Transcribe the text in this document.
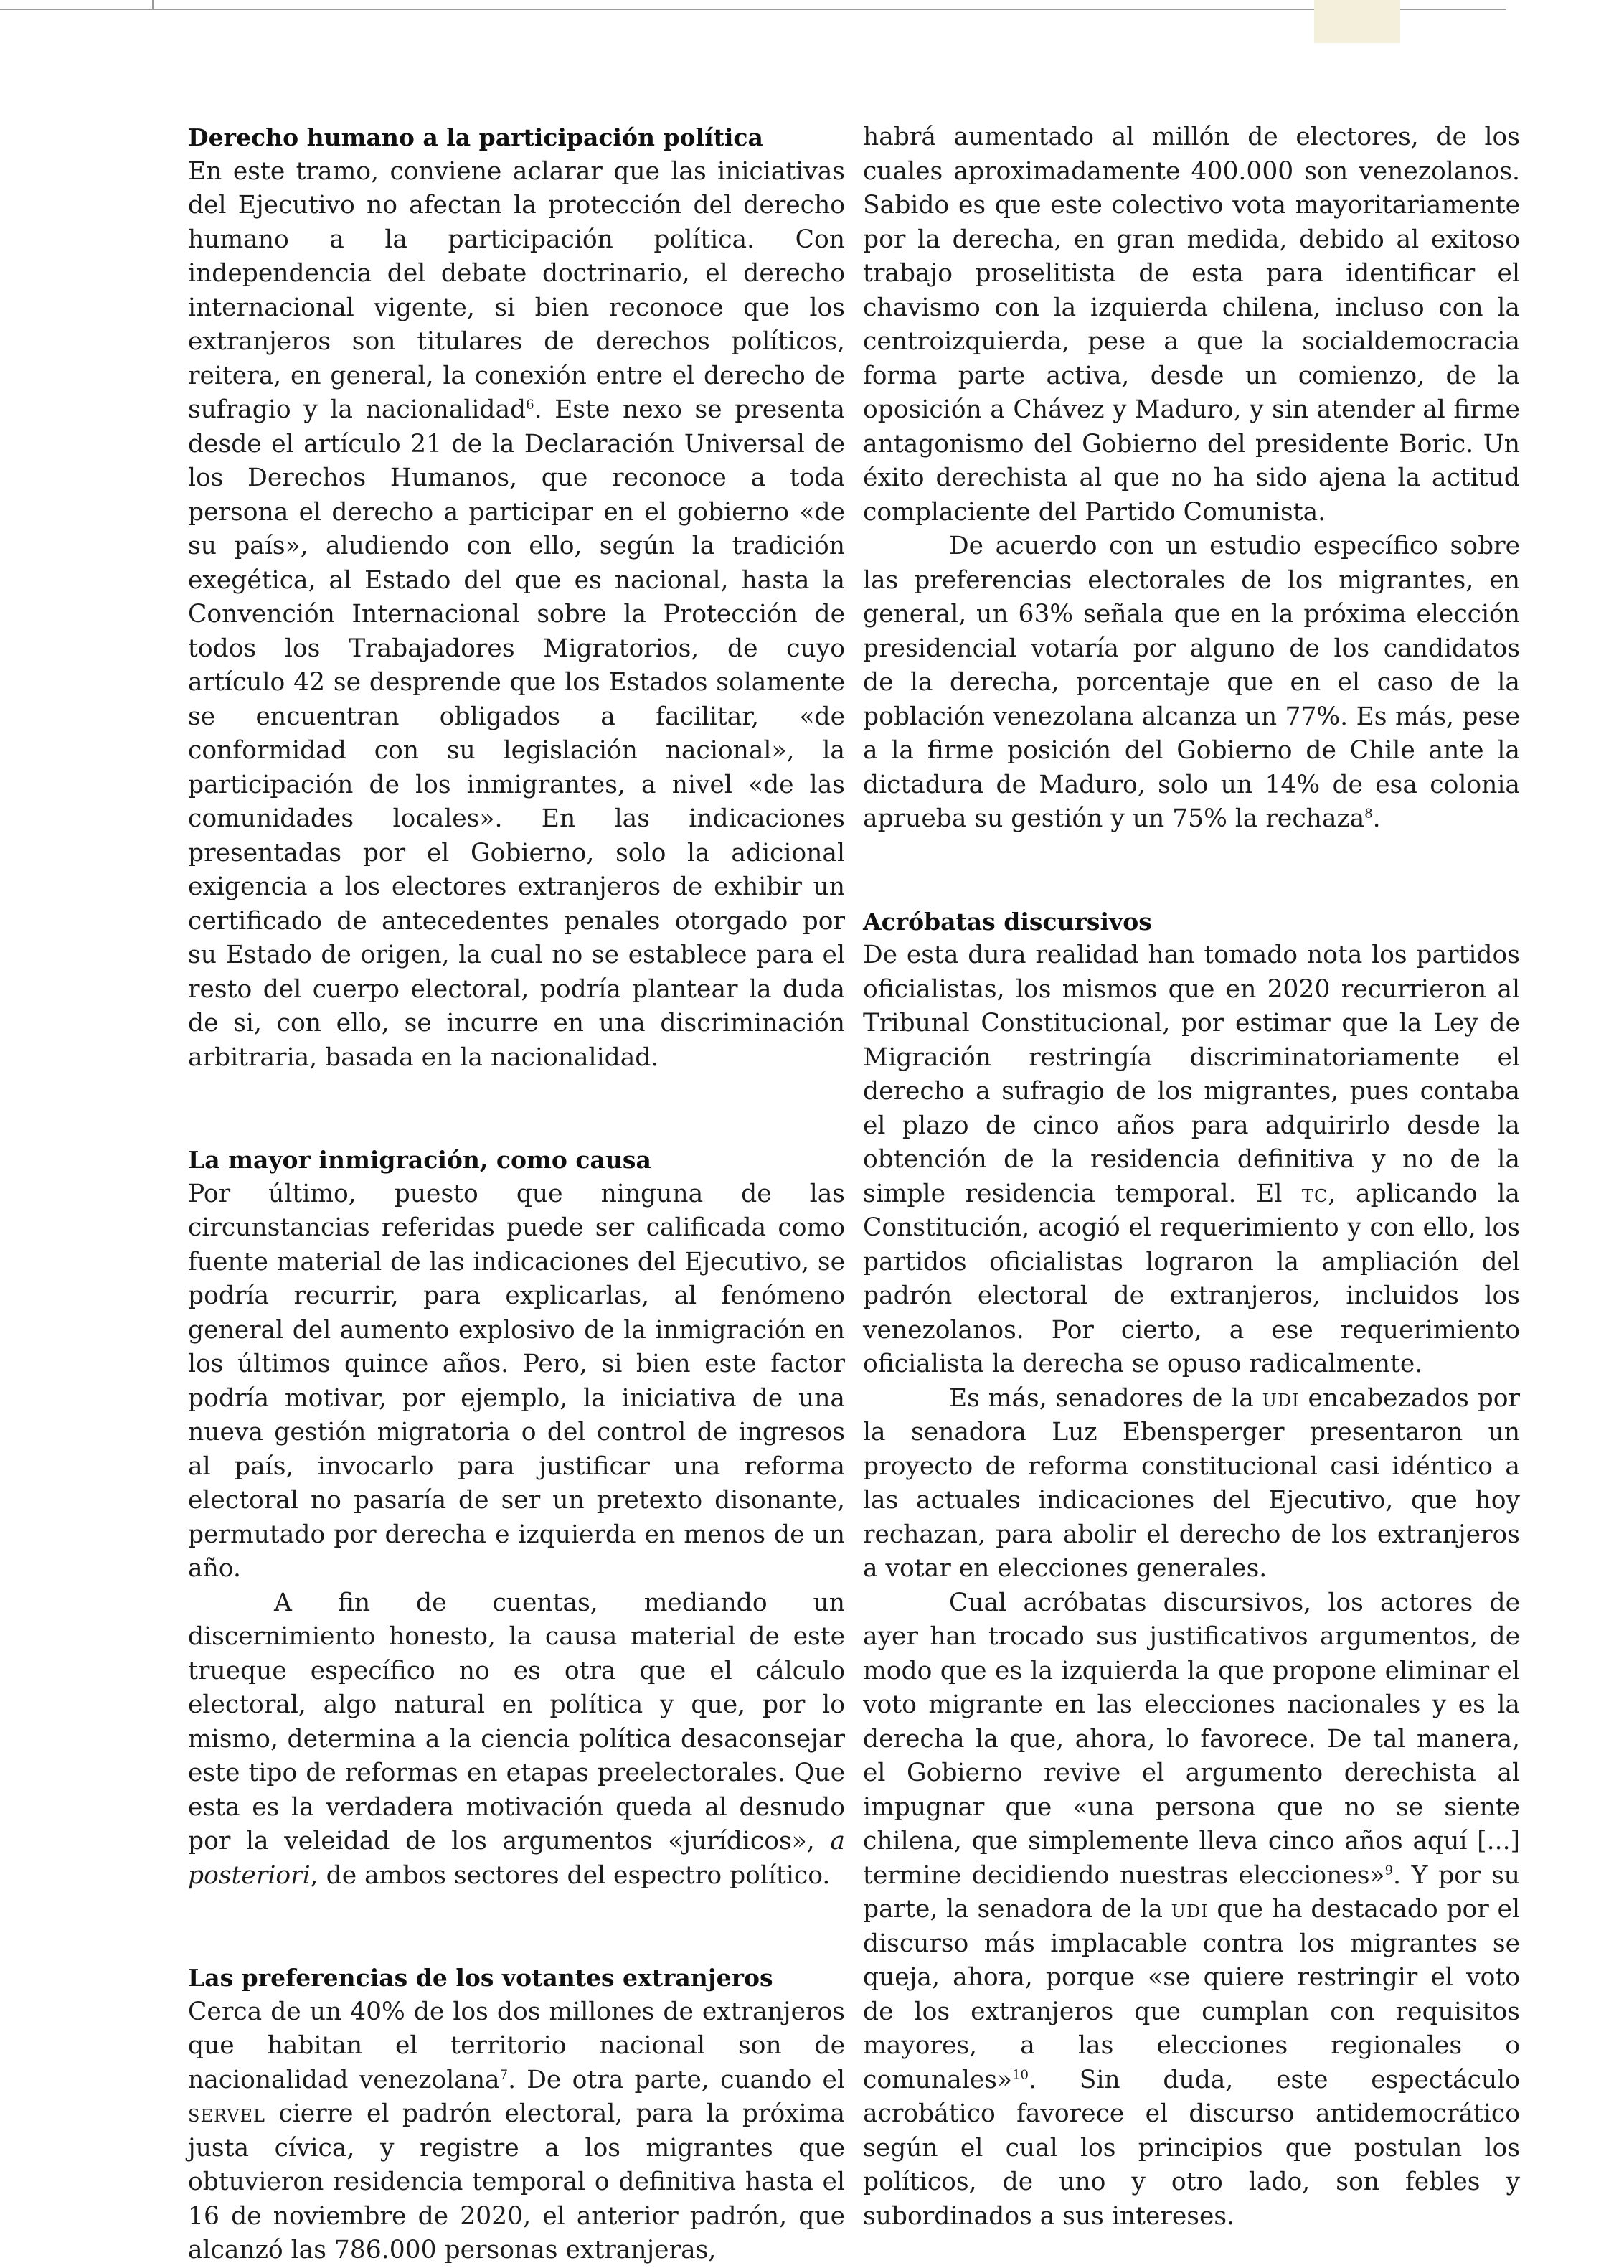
Derecho humano a la participación política

En este tramo, conviene aclarar que las iniciativas del Ejecutivo no afectan la protección del derecho humano a la participación política. Con independencia del debate doctrinario, el derecho internacional vigente, si bien reconoce que los extranjeros son titulares de derechos políticos, reitera, en general, la conexión entre el derecho de sufragio y la nacionalidad$^6$. Este nexo se presenta desde el artículo 21 de la Declaración Universal de los Derechos Humanos, que reconoce a toda persona el derecho a participar en el gobierno «de su país», aludiendo con ello, según la tradición exegética, al Estado del que es nacional, hasta la Convención Internacional sobre la Protección de todos los Trabajadores Migratorios, de cuyo artículo 42 se desprende que los Estados solamente se encuentran obligados a facilitar, «de conformidad con su legislación nacional», la participación de los inmigrantes, a nivel «de las comunidades locales». En las indicaciones presentadas por el Gobierno, solo la adicional exigencia a los electores extranjeros de exhibir un certificado de antecedentes penales otorgado por su Estado de origen, la cual no se establece para el resto del cuerpo electoral, podría plantear la duda de si, con ello, se incurre en una discriminación arbitraria, basada en la nacionalidad.

La mayor inmigración, como causa

Por último, puesto que ninguna de las circunstancias referidas puede ser calificada como fuente material de las indicaciones del Ejecutivo, se podría recurrir, para explicarlas, al fenómeno general del aumento explosivo de la inmigración en los últimos quince años. Pero, si bien este factor podría motivar, por ejemplo, la iniciativa de una nueva gestión migratoria o del control de ingresos al país, invocarlo para justificar una reforma electoral no pasaría de ser un pretexto disonante, permutado por derecha e izquierda en menos de un año.

A fin de cuentas, mediando un discernimiento honesto, la causa material de este trueque específico no es otra que el cálculo electoral, algo natural en política y que, por lo mismo, determina a la ciencia política desaconsejar este tipo de reformas en etapas preelectorales. Que esta es la verdadera motivación queda al desnudo por la veleidad de los argumentos «jurídicos», a posteriori, de ambos sectores del espectro político.

Las preferencias de los votantes extranjeros

Cerca de un 40% de los dos millones de extranjeros que habitan el territorio nacional son de nacionalidad venezolana$^7$. De otra parte, cuando el servel cierre el padrón electoral, para la próxima justa cívica, y registre a los migrantes que obtuvieron residencia temporal o definitiva hasta el 16 de noviembre de 2020, el anterior padrón, que alcanzó las 786.000 personas extranjeras,

habrá aumentado al millón de electores, de los cuales aproximadamente 400.000 son venezolanos. Sabido es que este colectivo vota mayoritariamente por la derecha, en gran medida, debido al exitoso trabajo proselitista de esta para identificar el chavismo con la izquierda chilena, incluso con la centroizquierda, pese a que la socialdemocracia forma parte activa, desde un comienzo, de la oposición a Chávez y Maduro, y sin atender al firme antagonismo del Gobierno del presidente Boric. Un éxito derechista al que no ha sido ajena la actitud complaciente del Partido Comunista.

De acuerdo con un estudio específico sobre las preferencias electorales de los migrantes, en general, un 63% señala que en la próxima elección presidencial votaría por alguno de los candidatos de la derecha, porcentaje que en el caso de la población venezolana alcanza un 77%. Es más, pese a la firme posición del Gobierno de Chile ante la dictadura de Maduro, solo un 14% de esa colonia aprueba su gestión y un 75% la rechaza$^8$.

Acróbatas discursivos

De esta dura realidad han tomado nota los partidos oficialistas, los mismos que en 2020 recurrieron al Tribunal Constitucional, por estimar que la Ley de Migración restringía discriminatoriamente el derecho a sufragio de los migrantes, pues contaba el plazo de cinco años para adquirirlo desde la obtención de la residencia definitiva y no de la simple residencia temporal. El tc, aplicando la Constitución, acogió el requerimiento y con ello, los partidos oficialistas lograron la ampliación del padrón electoral de extranjeros, incluidos los venezolanos. Por cierto, a ese requerimiento oficialista la derecha se opuso radicalmente.

Es más, senadores de la udi encabezados por la senadora Luz Ebensperger presentaron un proyecto de reforma constitucional casi idéntico a las actuales indicaciones del Ejecutivo, que hoy rechazan, para abolir el derecho de los extranjeros a votar en elecciones generales.

Cual acróbatas discursivos, los actores de ayer han trocado sus justificativos argumentos, de modo que es la izquierda la que propone eliminar el voto migrante en las elecciones nacionales y es la derecha la que, ahora, lo favorece. De tal manera, el Gobierno revive el argumento derechista al impugnar que «una persona que no se siente chilena, que simplemente lleva cinco años aquí [...] termine decidiendo nuestras elecciones»$^9$. Y por su parte, la senadora de la udi que ha destacado por el discurso más implacable contra los migrantes se queja, ahora, porque «se quiere restringir el voto de los extranjeros que cumplan con requisitos mayores, a las elecciones regionales o comunales»$^{10}$. Sin duda, este espectáculo acrobático favorece el discurso antidemocrático según el cual los principios que postulan los políticos, de uno y otro lado, son febles y subordinados a sus intereses.
